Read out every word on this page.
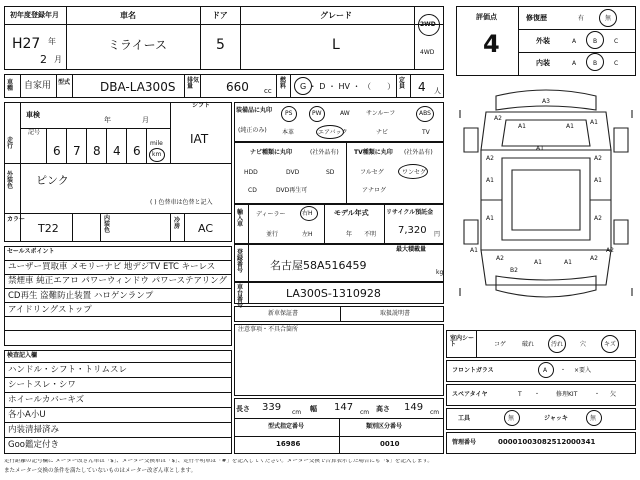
初年度登録年月	車名	ドア	グレード
H27 年
2 月
ミライース	5	L
2WD
4WD
車種	自家用 型式 DBA-LA300S 排気量	660 cc
燃料	G ・ D ・ HV ・ （　　）
定員	4 人
車検
年	月
シフト
IAT
走行
記号
6 7 8 4 6
mile
km
外装色	ピンク
( ) 色替車は色替と記入
カラー
T22
内装色
冷房 AC
セールスポイント
ユーザー買取車 メモリーナビ 地デジTV ETC キーレス
禁煙車 純正エアロ パワーウィンドウ パワーステアリング
CD再生 盗難防止装置 ハロゲンランプ
アイドリングストップ
検査記入欄
ハンドル・シフト・トリムスレ
シートスレ・シワ
ホイールカバーキズ
各小A小U
内装清掃済み
Goo鑑定付き
装備品に丸印
(純正のみ)
PS	PW	AW	サンルーフ	ABS
本革	エアバック	ナビ	TV
ナビ種類に丸印	(社外品有)
HDD	DVD	SD
CD	DVD再生可
TV種類に丸印 (社外品有)
フルセグ	ワンセグ
アナログ
輸入車
ディーラー	右H
並行	左H
モデル年式
年 不明
リサイクル預託金
7,320 円
登録番号
最大積載量
名古屋58A516459
kg
車台番号
LA300S-1310928
新車保証書	取扱説明書
注意事項・不具合箇所
長さ 339 cm 幅 147 cm 高さ 149 cm
型式指定番号	類別区分番号
16986	0010
評価点
4
修復歴	有	無
外装	A	B	C
内装	A	B	C
A3
A2
A1	A1
A1
A2
A1
A2
A1	A1
B2
A1	A2
A1	A2
A2	A2
A1	A1
室内シート	コゲ	破れ	汚れ	穴	キズ
フロントガラス	A ・ ×要入
スペアタイヤ	T ・	修理KIT	・ 欠
工具	無	ジャッキ	無
管理番号	00001003082512000341
走行距離の記号欄に メーター改ざん車は「$」、メーター交換車は「$」、走行不明車は「#」を記入してください。メーター交換で合算表示した場合にも「$」を記入します。
またメーター交換の条件を満たしていないものはメーター改ざん車とします。
